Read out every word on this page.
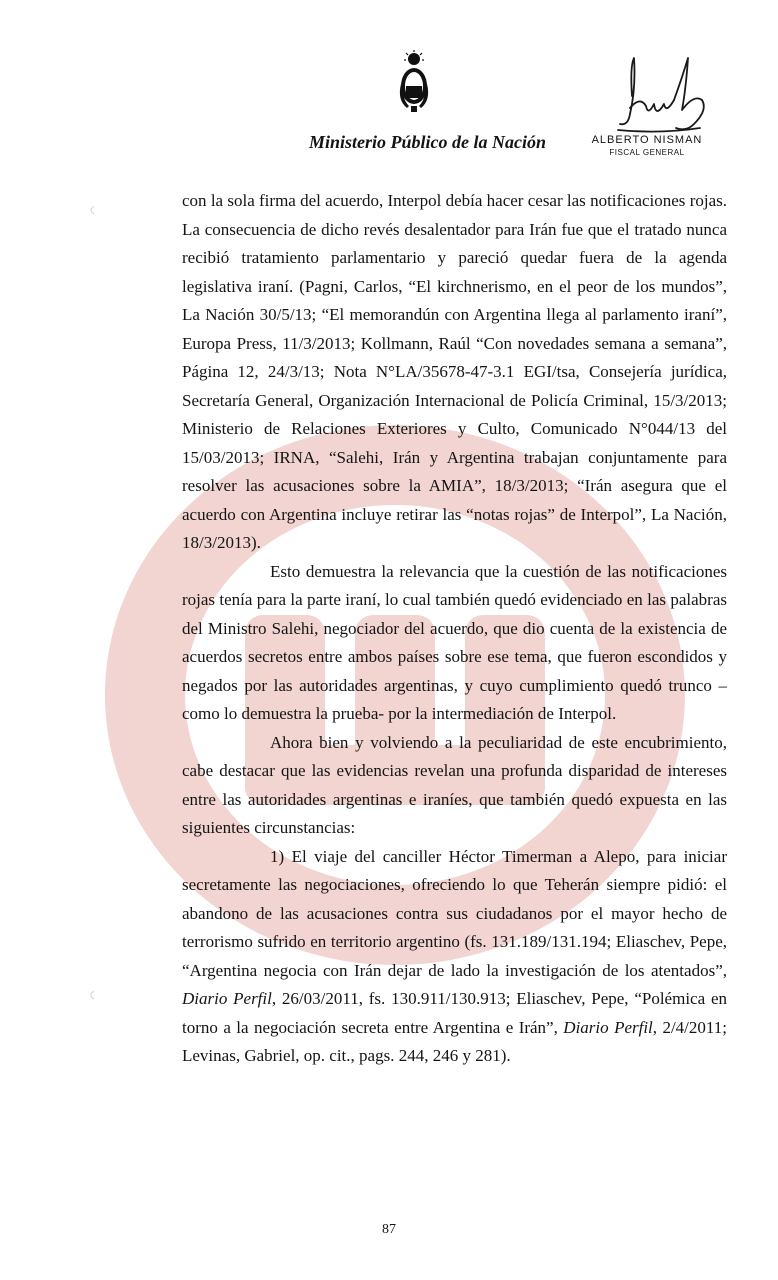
Ministerio Público de la Nación	ALBERTO NISMAN
FISCAL GENERAL

con la sola firma del acuerdo, Interpol debía hacer cesar las notificaciones rojas. La consecuencia de dicho revés desalentador para Irán fue que el tratado nunca recibió tratamiento parlamentario y pareció quedar fuera de la agenda legislativa iraní. (Pagni, Carlos, “El kirchnerismo, en el peor de los mundos”, La Nación 30/5/13; “El memorandún con Argentina llega al parlamento iraní”, Europa Press, 11/3/2013; Kollmann, Raúl “Con novedades semana a semana”, Página 12, 24/3/13; Nota N°LA/35678-47-3.1 EGI/tsa, Consejería jurídica, Secretaría General, Organización Internacional de Policía Criminal, 15/3/2013; Ministerio de Relaciones Exteriores y Culto, Comunicado N°044/13 del 15/03/2013; IRNA, “Salehi, Irán y Argentina trabajan conjuntamente para resolver las acusaciones sobre la AMIA”, 18/3/2013; “Irán asegura que el acuerdo con Argentina incluye retirar las “notas rojas” de Interpol”, La Nación, 18/3/2013).

Esto demuestra la relevancia que la cuestión de las notificaciones rojas tenía para la parte iraní, lo cual también quedó evidenciado en las palabras del Ministro Salehi, negociador del acuerdo, que dio cuenta de la existencia de acuerdos secretos entre ambos países sobre ese tema, que fueron escondidos y negados por las autoridades argentinas, y cuyo cumplimiento quedó trunco –como lo demuestra la prueba- por la intermediación de Interpol.

Ahora bien y volviendo a la peculiaridad de este encubrimiento, cabe destacar que las evidencias revelan una profunda disparidad de intereses entre las autoridades argentinas e iraníes, que también quedó expuesta en las siguientes circunstancias:

1) El viaje del canciller Héctor Timerman a Alepo, para iniciar secretamente las negociaciones, ofreciendo lo que Teherán siempre pidió: el abandono de las acusaciones contra sus ciudadanos por el mayor hecho de terrorismo sufrido en territorio argentino (fs. 131.189/131.194; Eliaschev, Pepe, “Argentina negocia con Irán dejar de lado la investigación de los atentados”, Diario Perfil, 26/03/2011, fs. 130.911/130.913; Eliaschev, Pepe, “Polémica en torno a la negociación secreta entre Argentina e Irán”, Diario Perfil, 2/4/2011; Levinas, Gabriel, op. cit., pags. 244, 246 y 281).

87
